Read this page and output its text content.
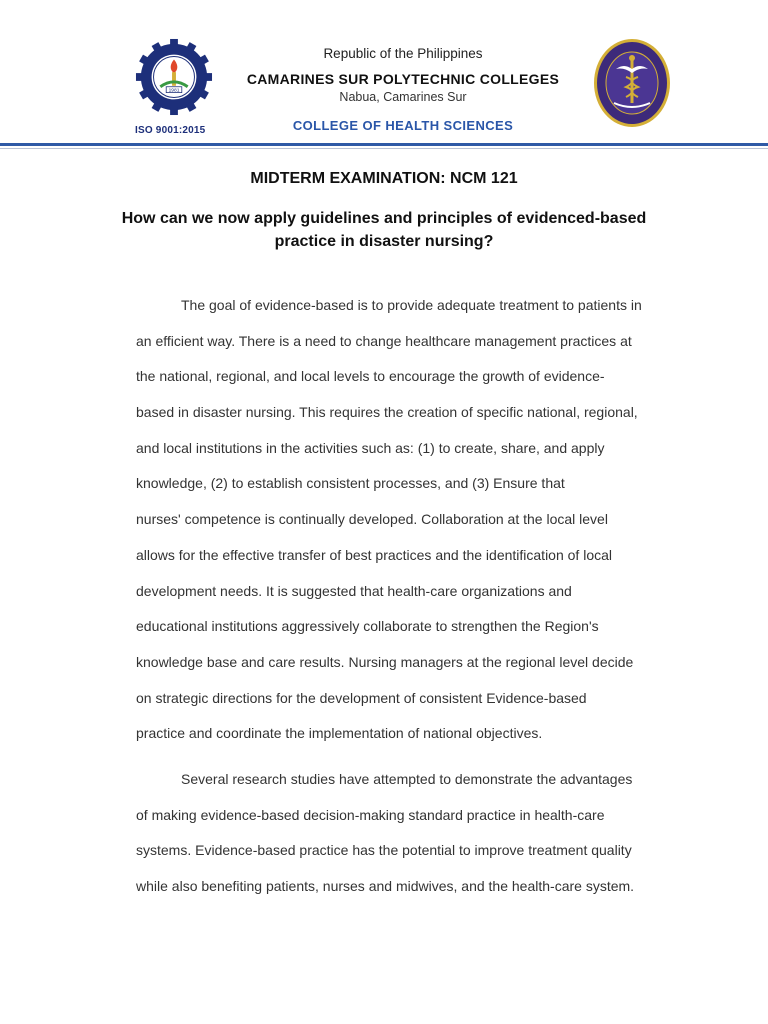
1981
ISO 9001:2015
Republic of the Philippines
CAMARINES SUR POLYTECHNIC COLLEGES
Nabua, Camarines Sur
COLLEGE OF HEALTH SCIENCES
MIDTERM EXAMINATION: NCM 121
How can we now apply guidelines and principles of evidenced-based practice in disaster nursing?
The goal of evidence-based is to provide adequate treatment to patients in
an efficient way. There is a need to change healthcare management practices at
the national, regional, and local levels to encourage the growth of evidence-
based in disaster nursing. This requires the creation of specific national, regional,
and local institutions in the activities such as: (1) to create, share, and apply
knowledge, (2) to establish consistent processes, and (3) Ensure that
nurses' competence is continually developed. Collaboration at the local level
allows for the effective transfer of best practices and the identification of local
development needs. It is suggested that health-care organizations and
educational institutions aggressively collaborate to strengthen the Region's
knowledge base and care results. Nursing managers at the regional level decide
on strategic directions for the development of consistent Evidence-based
practice and coordinate the implementation of national objectives.
Several research studies have attempted to demonstrate the advantages
of making evidence-based decision-making standard practice in health-care
systems. Evidence-based practice has the potential to improve treatment quality
while also benefiting patients, nurses and midwives, and the health-care system.
